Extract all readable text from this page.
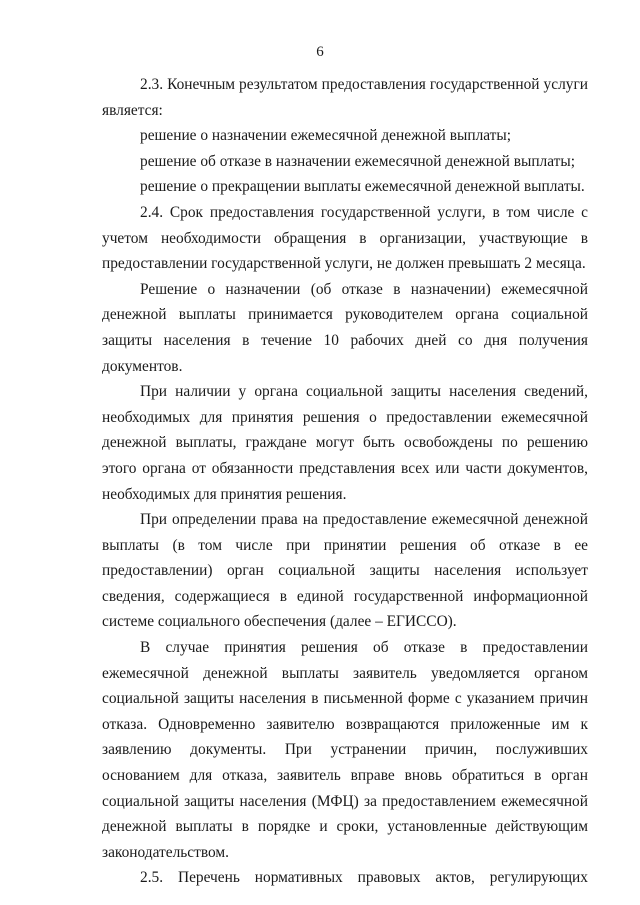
6

2.3. Конечным результатом предоставления государственной услуги является:

решение о назначении ежемесячной денежной выплаты;

решение об отказе в назначении ежемесячной денежной выплаты;

решение о прекращении выплаты ежемесячной денежной выплаты.

2.4. Срок предоставления государственной услуги, в том числе с учетом необходимости обращения в организации, участвующие в предоставлении государственной услуги, не должен превышать 2 месяца.

Решение о назначении (об отказе в назначении) ежемесячной денежной выплаты принимается руководителем органа социальной защиты населения в течение 10 рабочих дней со дня получения документов.

При наличии у органа социальной защиты населения сведений, необходимых для принятия решения о предоставлении ежемесячной денежной выплаты, граждане могут быть освобождены по решению этого органа от обязанности представления всех или части документов, необходимых для принятия решения.

При определении права на предоставление ежемесячной денежной выплаты (в том числе при принятии решения об отказе в ее предоставлении) орган социальной защиты населения использует сведения, содержащиеся в единой государственной информационной системе социального обеспечения (далее – ЕГИССО).

В случае принятия решения об отказе в предоставлении ежемесячной денежной выплаты заявитель уведомляется органом социальной защиты населения в письменной форме с указанием причин отказа. Одновременно заявителю возвращаются приложенные им к заявлению документы. При устранении причин, послуживших основанием для отказа, заявитель вправе вновь обратиться в орган социальной защиты населения (МФЦ) за предоставлением ежемесячной денежной выплаты в порядке и сроки, установленные действующим законодательством.

2.5. Перечень нормативных правовых актов, регулирующих
